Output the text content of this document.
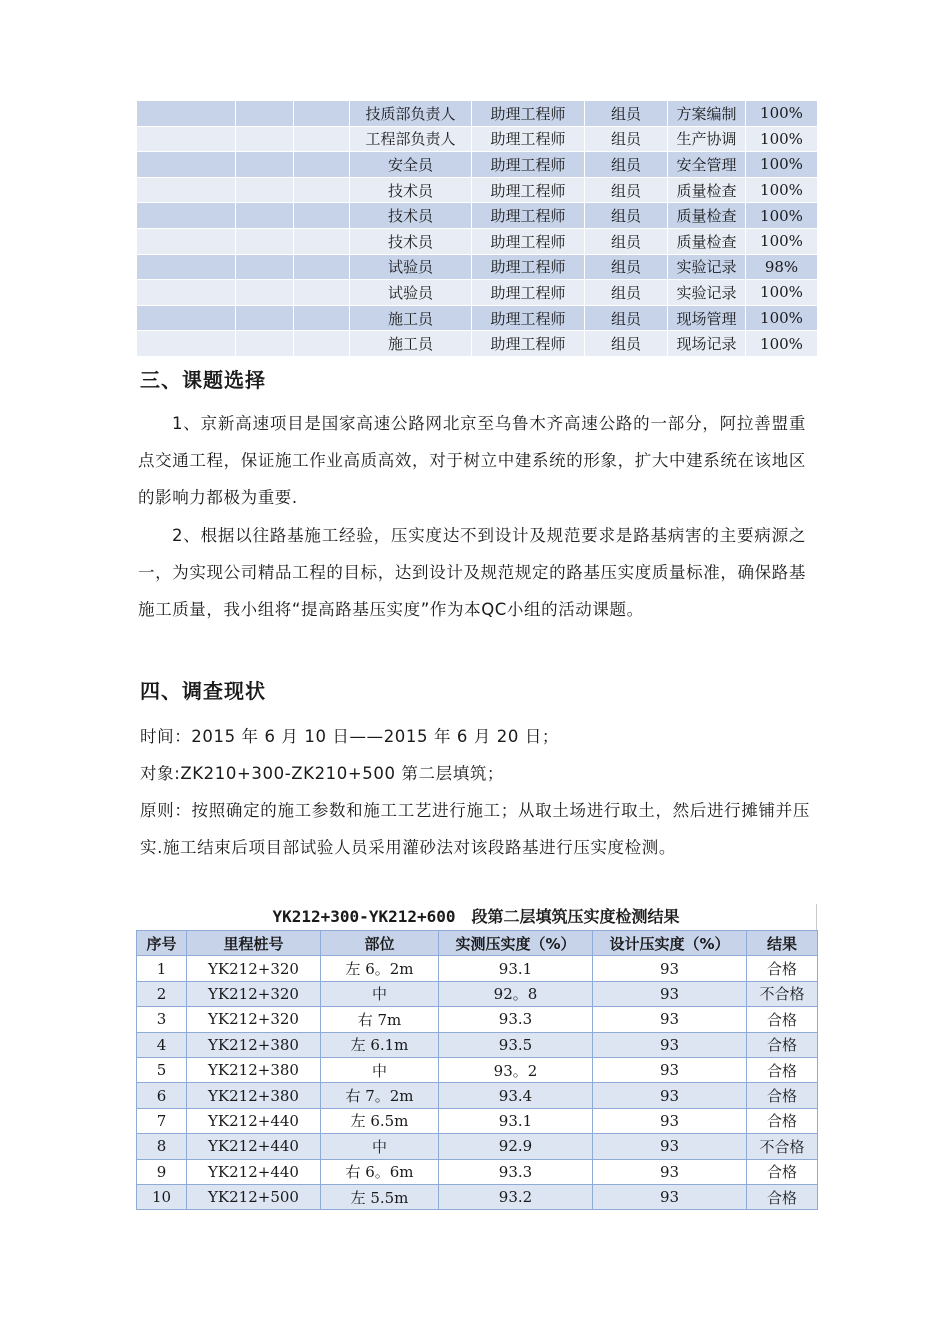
			技质部负责人	助理工程师	组员	方案编制	100%
			工程部负责人	助理工程师	组员	生产协调	100%
			安全员	助理工程师	组员	安全管理	100%
			技术员	助理工程师	组员	质量检查	100%
			技术员	助理工程师	组员	质量检查	100%
			技术员	助理工程师	组员	质量检查	100%
			试验员	助理工程师	组员	实验记录	98%
			试验员	助理工程师	组员	实验记录	100%
			施工员	助理工程师	组员	现场管理	100%
			施工员	助理工程师	组员	现场记录	100%
三、课题选择
1、京新高速项目是国家高速公路网北京至乌鲁木齐高速公路的一部分，阿拉善盟重点交通工程，保证施工作业高质高效，对于树立中建系统的形象，扩大中建系统在该地区的影响力都极为重要.
2、根据以往路基施工经验，压实度达不到设计及规范要求是路基病害的主要病源之一，为实现公司精品工程的目标，达到设计及规范规定的路基压实度质量标准，确保路基施工质量，我小组将“提高路基压实度”作为本QC小组的活动课题。
四、调查现状
时间：2015 年 6 月 10 日——2015 年 6 月 20 日；
对象:ZK210+300-ZK210+500 第二层填筑；
原则：按照确定的施工参数和施工工艺进行施工；从取土场进行取土，然后进行摊铺并压实.施工结束后项目部试验人员采用灌砂法对该段路基进行压实度检测。
YK212+300-YK212+600　段第二层填筑压实度检测结果
序号	里程桩号	部位	实测压实度（%）	设计压实度（%）	结果
1	YK212+320	左 6。2m	93.1	93	合格
2	YK212+320	中	92。8	93	不合格
3	YK212+320	右 7m	93.3	93	合格
4	YK212+380	左 6.1m	93.5	93	合格
5	YK212+380	中	93。2	93	合格
6	YK212+380	右 7。2m	93.4	93	合格
7	YK212+440	左 6.5m	93.1	93	合格
8	YK212+440	中	92.9	93	不合格
9	YK212+440	右 6。6m	93.3	93	合格
10	YK212+500	左 5.5m	93.2	93	合格
